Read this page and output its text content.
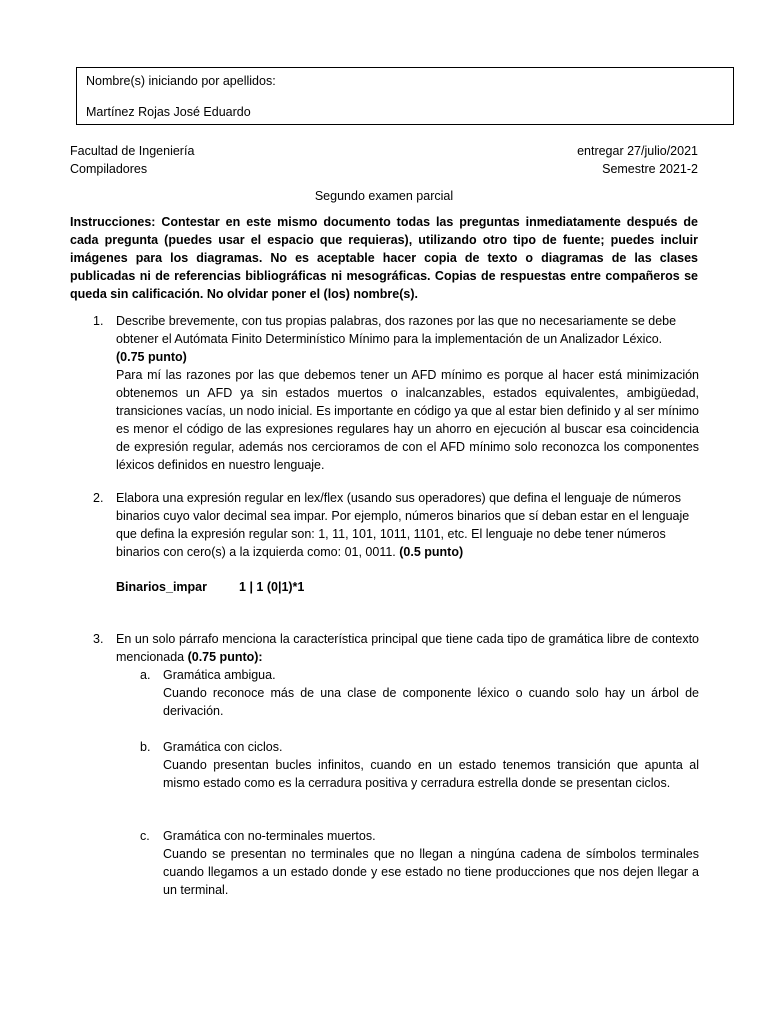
Nombre(s) iniciando por apellidos:
Martínez Rojas José Eduardo
Facultad de Ingeniería	entregar 27/julio/2021
Compiladores	Semestre 2021-2
Segundo examen parcial
Instrucciones: Contestar en este mismo documento todas las preguntas inmediatamente después de cada pregunta (puedes usar el espacio que requieras), utilizando otro tipo de fuente; puedes incluir imágenes para los diagramas. No es aceptable hacer copia de texto o diagramas de las clases publicadas ni de referencias bibliográficas ni mesográficas. Copias de respuestas entre compañeros se queda sin calificación. No olvidar poner el (los) nombre(s).
1. Describe brevemente, con tus propias palabras, dos razones por las que no necesariamente se debe obtener el Autómata Finito Determinístico Mínimo para la implementación de un Analizador Léxico.
(0.75 punto)
Para mí las razones por las que debemos tener un AFD mínimo es porque al hacer está minimización obtenemos un AFD ya sin estados muertos o inalcanzables, estados equivalentes, ambigüedad, transiciones vacías, un nodo inicial. Es importante en código ya que al estar bien definido y al ser mínimo es menor el código de las expresiones regulares hay un ahorro en ejecución al buscar esa coincidencia de expresión regular, además nos cercioramos de con el AFD mínimo solo reconozca los componentes léxicos definidos en nuestro lenguaje.
2. Elabora una expresión regular en lex/flex (usando sus operadores) que defina el lenguaje de números binarios cuyo valor decimal sea impar. Por ejemplo, números binarios que sí deban estar en el lenguaje que defina la expresión regular son: 1, 11, 101, 1011, 1101, etc. El lenguaje no debe tener números binarios con cero(s) a la izquierda como: 01, 0011. (0.5 punto)
Binarios_impar	1 | 1 (0|1)*1
3. En un solo párrafo menciona la característica principal que tiene cada tipo de gramática libre de contexto mencionada (0.75 punto):
a. Gramática ambigua.
Cuando reconoce más de una clase de componente léxico o cuando solo hay un árbol de derivación.
b. Gramática con ciclos.
Cuando presentan bucles infinitos, cuando en un estado tenemos transición que apunta al mismo estado como es la cerradura positiva y cerradura estrella donde se presentan ciclos.
c. Gramática con no-terminales muertos.
Cuando se presentan no terminales que no llegan a ningúna cadena de símbolos terminales cuando llegamos a un estado donde y ese estado no tiene producciones que nos dejen llegar a un terminal.
